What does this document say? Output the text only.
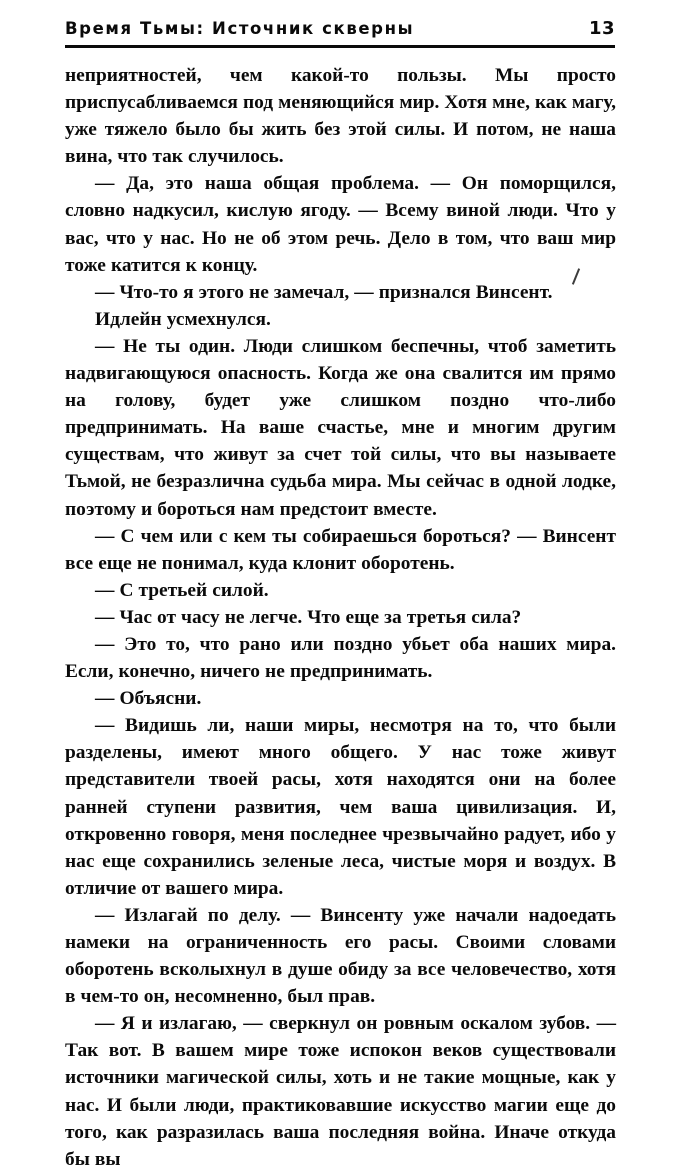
Время Тьмы: Источник скверны	13

неприятностей, чем какой-то пользы. Мы просто приспусабливаемся под меняющийся мир. Хотя мне, как магу, уже тяжело было бы жить без этой силы. И потом, не наша вина, что так случилось.

— Да, это наша общая проблема. — Он поморщился, словно надкусил, кислую ягоду. — Всему виной люди. Что у вас, что у нас. Но не об этом речь. Дело в том, что ваш мир тоже катится к концу.

— Что-то я этого не замечал, — признался Винсент.

Идлейн усмехнулся.

— Не ты один. Люди слишком беспечны, чтоб заметить надвигающуюся опасность. Когда же она свалится им прямо на голову, будет уже слишком поздно что-либо предпринимать. На ваше счастье, мне и многим другим существам, что живут за счет той силы, что вы называете Тьмой, не безразлична судьба мира. Мы сейчас в одной лодке, поэтому и бороться нам предстоит вместе.

— С чем или с кем ты собираешься бороться? — Винсент все еще не понимал, куда клонит оборотень.

— С третьей силой.

— Час от часу не легче. Что еще за третья сила?

— Это то, что рано или поздно убьет оба наших мира. Если, конечно, ничего не предпринимать.

— Объясни.

— Видишь ли, наши миры, несмотря на то, что были разделены, имеют много общего. У нас тоже живут представители твоей расы, хотя находятся они на более ранней ступени развития, чем ваша цивилизация. И, откровенно говоря, меня последнее чрезвычайно радует, ибо у нас еще сохранились зеленые леса, чистые моря и воздух. В отличие от вашего мира.

— Излагай по делу. — Винсенту уже начали надоедать намеки на ограниченность его расы. Своими словами оборотень всколыхнул в душе обиду за все человечество, хотя в чем-то он, несомненно, был прав.

— Я и излагаю, — сверкнул он ровным оскалом зубов. — Так вот. В вашем мире тоже испокон веков существовали источники магической силы, хоть и не такие мощные, как у нас. И были люди, практиковавшие искусство магии еще до того, как разразилась ваша последняя война. Иначе откуда бы вы
